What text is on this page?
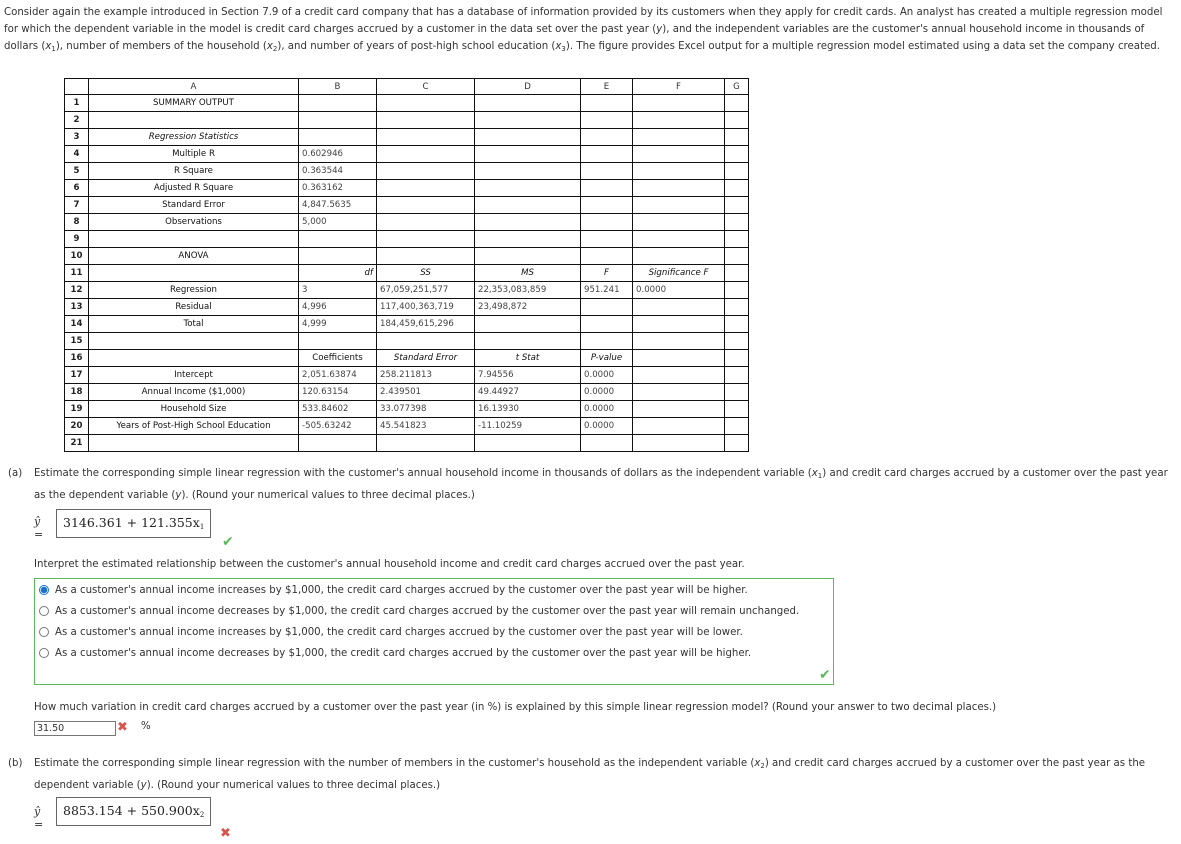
Consider again the example introduced in Section 7.9 of a credit card company that has a database of information provided by its customers when they apply for credit cards. An analyst has created a multiple regression model for which the dependent variable in the model is credit card charges accrued by a customer in the data set over the past year (y), and the independent variables are the customer's annual household income in thousands of dollars $(x_1)$, number of members of the household $(x_2)$, and number of years of post-high school education $(x_3)$. The figure provides Excel output for a multiple regression model estimated using a data set the company created.
	A	B	C	D	E	F	G
1	SUMMARY OUTPUT						
2							
3	Regression Statistics						
4	Multiple R	0.602946					
5	R Square	0.363544					
6	Adjusted R Square	0.363162					
7	Standard Error	4,847.5635					
8	Observations	5,000					
9							
10	ANOVA						
11		df	SS	MS	F	Significance F	
12	Regression	3	67,059,251,577	22,353,083,859	951.241	0.0000	
13	Residual	4,996	117,400,363,719	23,498,872			
14	Total	4,999	184,459,615,296				
15							
16		Coefficients	Standard Error	t Stat	P-value		
17	Intercept	2,051.63874	258.211813	7.94556	0.0000		
18	Annual Income ($1,000)	120.63154	2.439501	49.44927	0.0000		
19	Household Size	533.84602	33.077398	16.13930	0.0000		
20	Years of Post-High School Education	-505.63242	45.541823	-11.10259	0.0000		
21							
(a) Estimate the corresponding simple linear regression with the customer's annual household income in thousands of dollars as the independent variable $(x_1)$ and credit card charges accrued by a customer over the past year as the dependent variable (y). (Round your numerical values to three decimal places.)
ŷ =
$3146.361 + 121.355x_1$
✔
Interpret the estimated relationship between the customer's annual household income and credit card charges accrued over the past year.
As a customer's annual income increases by $1,000, the credit card charges accrued by the customer over the past year will be higher.
As a customer's annual income decreases by $1,000, the credit card charges accrued by the customer over the past year will remain unchanged.
As a customer's annual income increases by $1,000, the credit card charges accrued by the customer over the past year will be lower.
As a customer's annual income decreases by $1,000, the credit card charges accrued by the customer over the past year will be higher.
✔
How much variation in credit card charges accrued by a customer over the past year (in %) is explained by this simple linear regression model? (Round your answer to two decimal places.)
31.50	✖ %
(b) Estimate the corresponding simple linear regression with the number of members in the customer's household as the independent variable $(x_2)$ and credit card charges accrued by a customer over the past year as the dependent variable (y). (Round your numerical values to three decimal places.)
ŷ =
$8853.154 + 550.900x_2$
✖
